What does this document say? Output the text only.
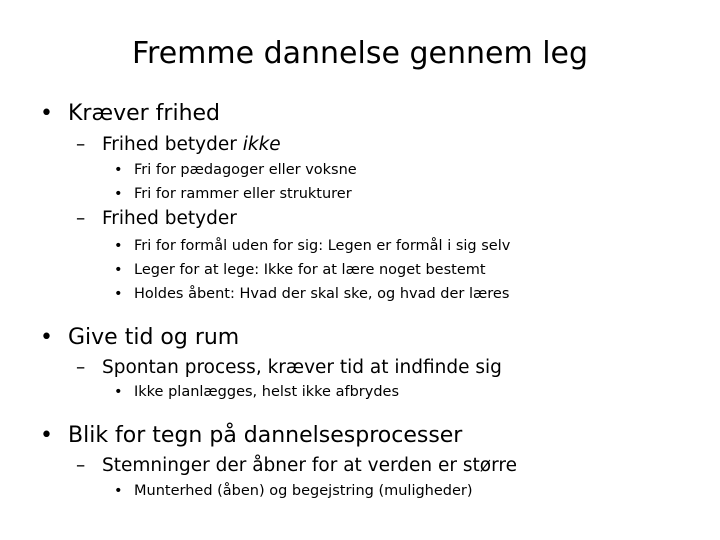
Fremme dannelse gennem leg
• Kræver frihed
– Frihed betyder ikke
• Fri for pædagoger eller voksne
• Fri for rammer eller strukturer
– Frihed betyder
• Fri for formål uden for sig: Legen er formål i sig selv
• Leger for at lege: Ikke for at lære noget bestemt
• Holdes åbent: Hvad der skal ske, og hvad der læres
• Give tid og rum
– Spontan process, kræver tid at indfinde sig
• Ikke planlægges, helst ikke afbrydes
• Blik for tegn på dannelsesprocesser
– Stemninger der åbner for at verden er større
• Munterhed (åben) og begejstring (muligheder)
